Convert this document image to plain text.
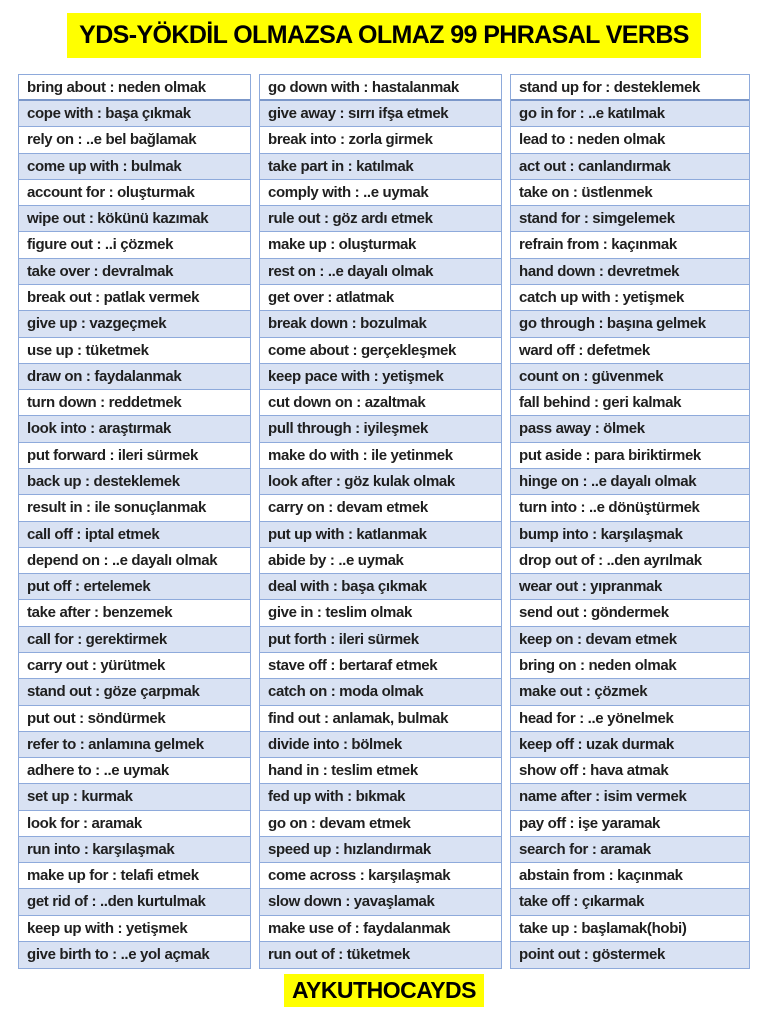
YDS-YÖKDİL OLMAZSA OLMAZ 99 PHRASAL VERBS
bring about : neden olmak
cope with : başa çıkmak
rely on : ..e bel bağlamak
come up with : bulmak
account for : oluşturmak
wipe out : kökünü kazımak
figure out : ..i çözmek
take over : devralmak
break out : patlak vermek
give up : vazgeçmek
use up : tüketmek
draw on : faydalanmak
turn down : reddetmek
look into : araştırmak
put forward : ileri sürmek
back up : desteklemek
result in : ile sonuçlanmak
call off : iptal etmek
depend on : ..e dayalı olmak
put off : ertelemek
take after : benzemek
call for : gerektirmek
carry out : yürütmek
stand out : göze çarpmak
put out : söndürmek
refer to : anlamına gelmek
adhere to : ..e uymak
set up : kurmak
look for : aramak
run into : karşılaşmak
make up for : telafi etmek
get rid of : ..den kurtulmak
keep up with : yetişmek
give birth to : ..e yol açmak
go down with : hastalanmak
give away : sırrı ifşa etmek
break into : zorla girmek
take part in : katılmak
comply with : ..e uymak
rule out : göz ardı etmek
make up : oluşturmak
rest on : ..e dayalı olmak
get over : atlatmak
break down : bozulmak
come about : gerçekleşmek
keep pace with : yetişmek
cut down on : azaltmak
pull through : iyileşmek
make do with : ile yetinmek
look after : göz kulak olmak
carry on : devam etmek
put up with : katlanmak
abide by : ..e uymak
deal with : başa çıkmak
give in : teslim olmak
put forth : ileri sürmek
stave off : bertaraf etmek
catch on : moda olmak
find out : anlamak, bulmak
divide into : bölmek
hand in : teslim etmek
fed up with : bıkmak
go on : devam etmek
speed up : hızlandırmak
come across : karşılaşmak
slow down : yavaşlamak
make use of : faydalanmak
run out of : tüketmek
stand up for : desteklemek
go in for : ..e katılmak
lead to : neden olmak
act out : canlandırmak
take on : üstlenmek
stand for : simgelemek
refrain from : kaçınmak
hand down : devretmek
catch up with : yetişmek
go through : başına gelmek
ward off : defetmek
count on : güvenmek
fall behind : geri kalmak
pass away : ölmek
put aside : para biriktirmek
hinge on : ..e dayalı olmak
turn into : ..e dönüştürmek
bump into : karşılaşmak
drop out of : ..den ayrılmak
wear out : yıpranmak
send out : göndermek
keep on : devam etmek
bring on : neden olmak
make out : çözmek
head for : ..e yönelmek
keep off : uzak durmak
show off : hava atmak
name after : isim vermek
pay off : işe yaramak
search for : aramak
abstain from : kaçınmak
take off : çıkarmak
take up : başlamak(hobi)
point out : göstermek
AYKUTHOCAYDS
